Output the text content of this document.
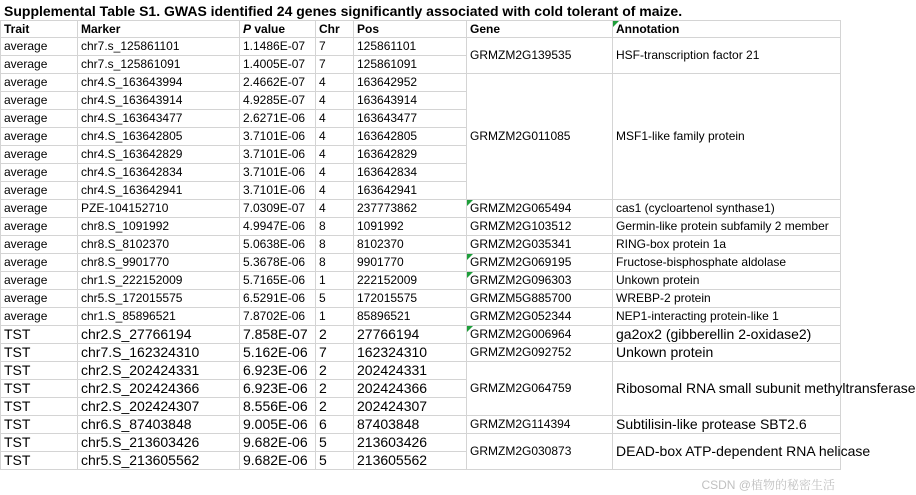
Supplemental Table S1. GWAS identified 24 genes significantly associated with cold tolerant of maize.
Trait	Marker	P value	Chr	Pos	Gene	Annotation
average	chr7.s_125861101	1.1486E-07	7	125861101	GRMZM2G139535	HSF-transcription factor 21
average	chr7.s_125861091	1.4005E-07	7	125861091		
average	chr4.S_163643994	2.4662E-07	4	163642952	GRMZM2G011085	MSF1-like family protein
average	chr4.S_163643914	4.9285E-07	4	163643914		
average	chr4.S_163643477	2.6271E-06	4	163643477		
average	chr4.S_163642805	3.7101E-06	4	163642805		
average	chr4.S_163642829	3.7101E-06	4	163642829		
average	chr4.S_163642834	3.7101E-06	4	163642834		
average	chr4.S_163642941	3.7101E-06	4	163642941		
average	PZE-104152710	7.0309E-07	4	237773862	GRMZM2G065494	cas1 (cycloartenol synthase1)
average	chr8.S_1091992	4.9947E-06	8	1091992	GRMZM2G103512	Germin-like protein subfamily 2 member
average	chr8.S_8102370	5.0638E-06	8	8102370	GRMZM2G035341	RING-box protein 1a
average	chr8.S_9901770	5.3678E-06	8	9901770	GRMZM2G069195	Fructose-bisphosphate aldolase
average	chr1.S_222152009	5.7165E-06	1	222152009	GRMZM2G096303	Unkown protein
average	chr5.S_172015575	6.5291E-06	5	172015575	GRMZM5G885700	WREBP-2 protein
average	chr1.S_85896521	7.8702E-06	1	85896521	GRMZM2G052344	NEP1-interacting protein-like 1
TST	chr2.S_27766194	7.858E-07	2	27766194	GRMZM2G006964	ga2ox2 (gibberellin 2-oxidase2)
TST	chr7.S_162324310	5.162E-06	7	162324310	GRMZM2G092752	Unkown protein
TST	chr2.S_202424331	6.923E-06	2	202424331	GRMZM2G064759	Ribosomal RNA small subunit methyltransferase
TST	chr2.S_202424366	6.923E-06	2	202424366		
TST	chr2.S_202424307	8.556E-06	2	202424307		
TST	chr6.S_87403848	9.005E-06	6	87403848	GRMZM2G114394	Subtilisin-like protease SBT2.6
TST	chr5.S_213603426	9.682E-06	5	213603426	GRMZM2G030873	DEAD-box ATP-dependent RNA helicase
TST	chr5.S_213605562	9.682E-06	5	213605562		
CSDN @植物的秘密生活
